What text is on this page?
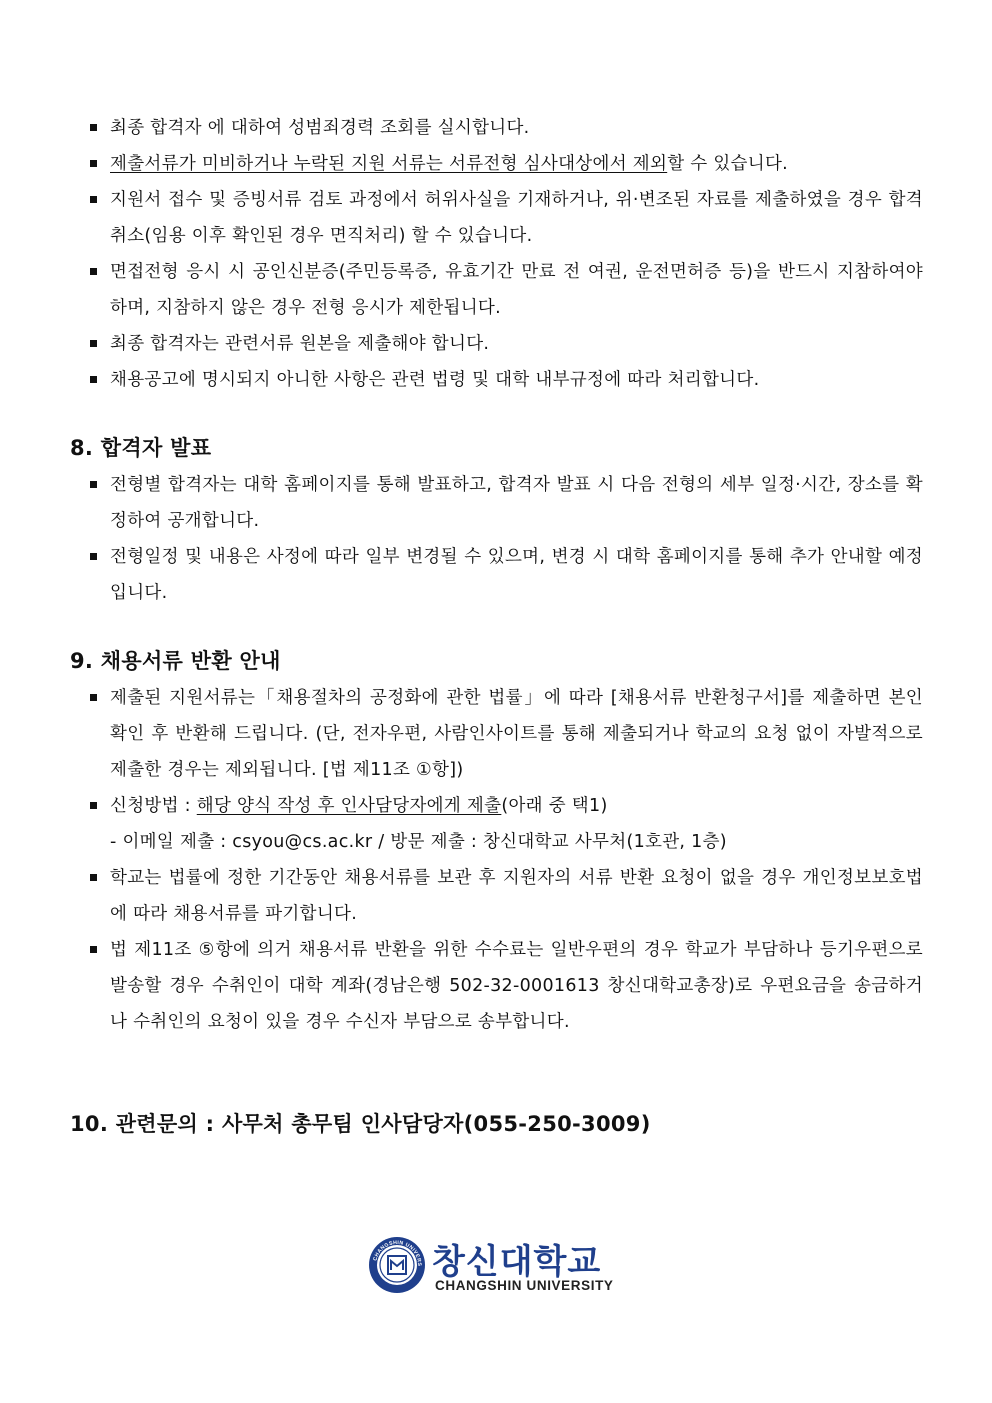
최종 합격자 에 대하여 성범죄경력 조회를 실시합니다.
제출서류가 미비하거나 누락된 지원 서류는 서류전형 심사대상에서 제외할 수 있습니다.
지원서 접수 및 증빙서류 검토 과정에서 허위사실을 기재하거나, 위·변조된 자료를 제출하였을 경우 합격 취소(임용 이후 확인된 경우 면직처리) 할 수 있습니다.
면접전형 응시 시 공인신분증(주민등록증, 유효기간 만료 전 여권, 운전면허증 등)을 반드시 지참하여야 하며, 지참하지 않은 경우 전형 응시가 제한됩니다.
최종 합격자는 관련서류 원본을 제출해야 합니다.
채용공고에 명시되지 아니한 사항은 관련 법령 및 대학 내부규정에 따라 처리합니다.
8. 합격자 발표
전형별 합격자는 대학 홈페이지를 통해 발표하고, 합격자 발표 시 다음 전형의 세부 일정·시간, 장소를 확정하여 공개합니다.
전형일정 및 내용은 사정에 따라 일부 변경될 수 있으며, 변경 시 대학 홈페이지를 통해 추가 안내할 예정입니다.
9. 채용서류 반환 안내
제출된 지원서류는「채용절차의 공정화에 관한 법률」에 따라 [채용서류 반환청구서]를 제출하면 본인 확인 후 반환해 드립니다. (단, 전자우편, 사람인사이트를 통해 제출되거나 학교의 요청 없이 자발적으로 제출한 경우는 제외됩니다. [법 제11조 ①항])
신청방법 : 해당 양식 작성 후 인사담당자에게 제출(아래 중 택1)
- 이메일 제출 : csyou@cs.ac.kr / 방문 제출 : 창신대학교 사무처(1호관, 1층)
학교는 법률에 정한 기간동안 채용서류를 보관 후 지원자의 서류 반환 요청이 없을 경우 개인정보보호법에 따라 채용서류를 파기합니다.
법 제11조 ⑤항에 의거 채용서류 반환을 위한 수수료는 일반우편의 경우 학교가 부담하나 등기우편으로 발송할 경우 수취인이 대학 계좌(경남은행 502-32-0001613 창신대학교총장)로 우편요금을 송금하거나 수취인의 요청이 있을 경우 수신자 부담으로 송부합니다.
10. 관련문의 : 사무처 총무팀 인사담당자(055-250-3009)
CHANGSHIN UNIVERS 창신대학교
CHANGSHIN UNIVERSITY
